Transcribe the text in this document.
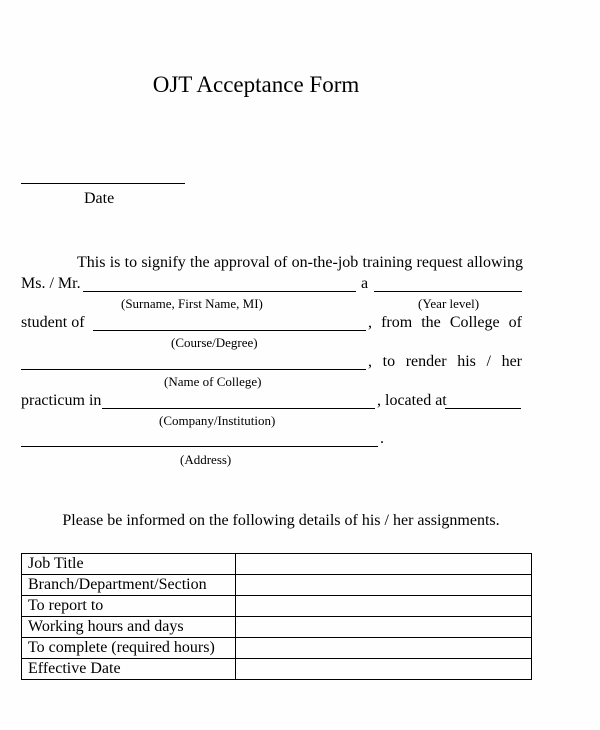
OJT Acceptance Form
Date
This is to signify the approval of on-the-job training request allowing
Ms. / Mr.	a
(Surname, First Name, MI)	(Year level)
student of	, from the College of
(Course/Degree)
, to render his / her
(Name of College)
practicum in	, located at
(Company/Institution)
.
(Address)
Please be informed on the following details of his / her assignments.
Job Title	
Branch/Department/Section	
To report to	
Working hours and days	
To complete (required hours)	
Effective Date	
